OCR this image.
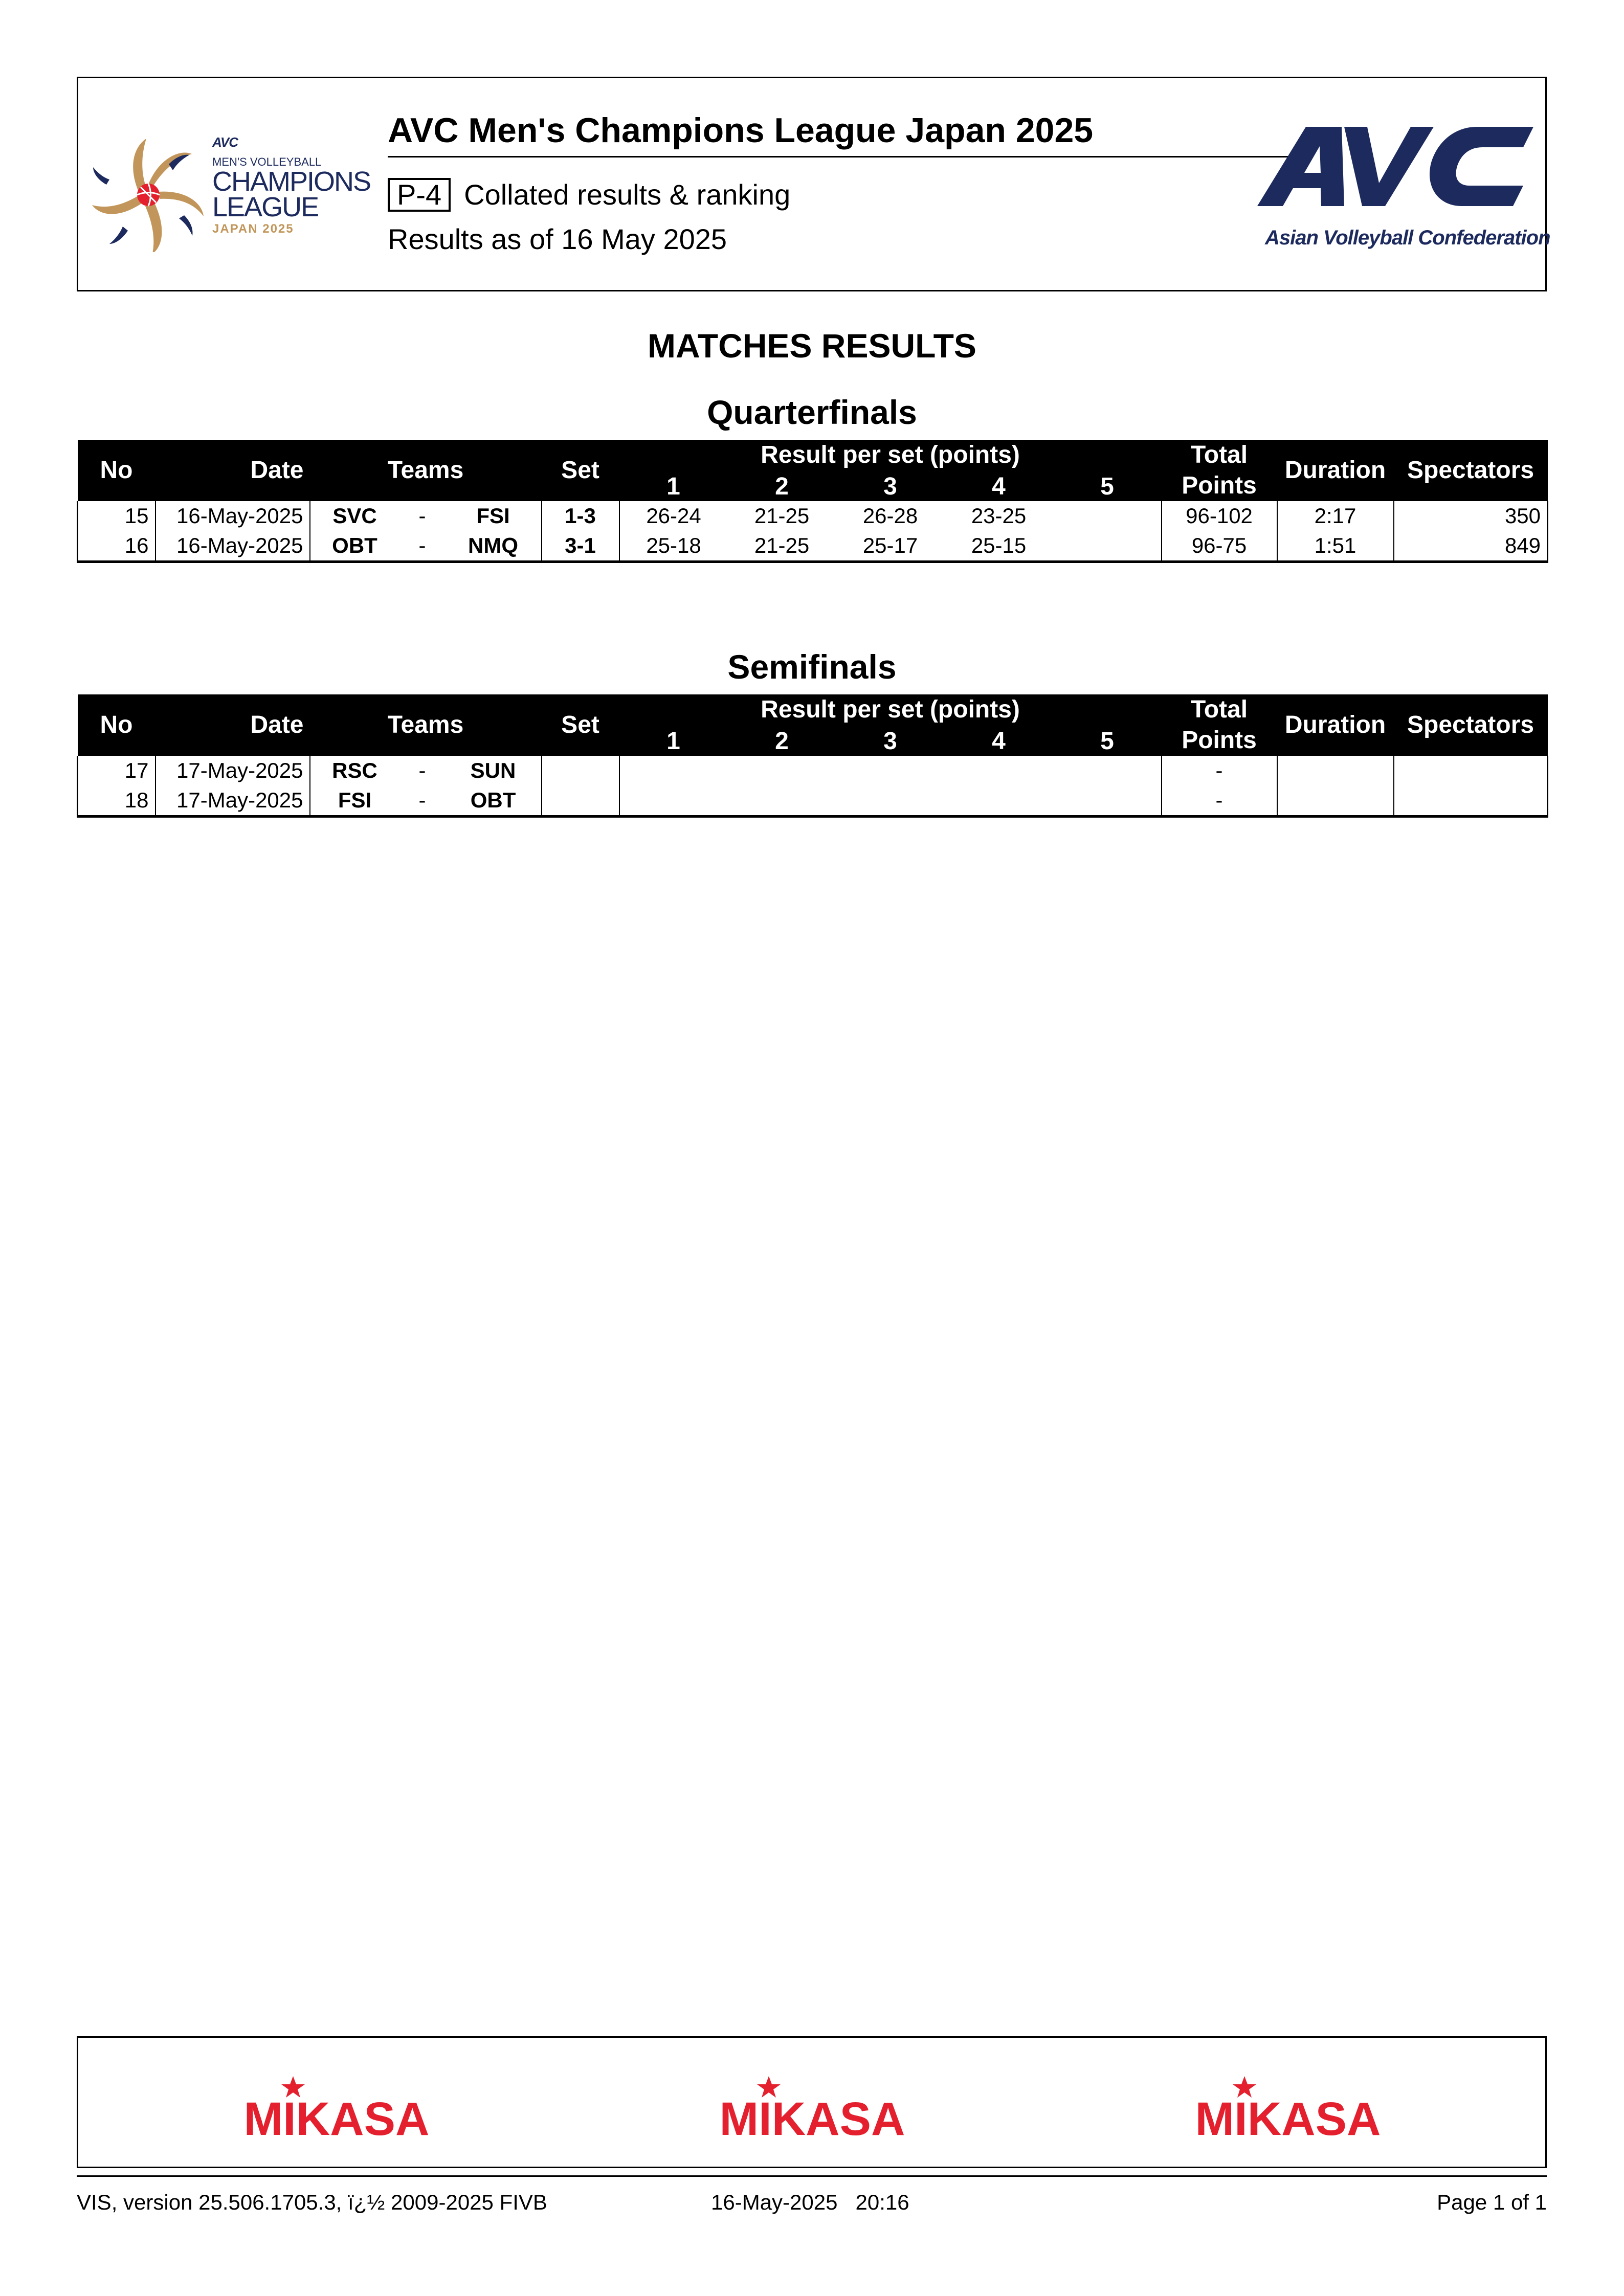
AVC
MEN'S VOLLEYBALL
CHAMPIONS
LEAGUE
JAPAN 2025
AVC Men's Champions League Japan 2025
P-4 Collated results & ranking
Results as of 16 May 2025	Asian Volleyball Confederation
MATCHES RESULTS
Quarterfinals
No	Date	Teams			Set	Result per set (points)					Total	Duration	Spectators
						1	2	3	4	5	Points		
15	16-May-2025	SVC	-	FSI	1-3	26-24	21-25	26-28	23-25		96-102	2:17	350
16	16-May-2025	OBT	-	NMQ	3-1	25-18	21-25	25-17	25-15		96-75	1:51	849
Semifinals
No	Date	Teams			Set	Result per set (points)					Total	Duration	Spectators
						1	2	3	4	5	Points		
17	17-May-2025	RSC	-	SUN							-		
18	17-May-2025	FSI	-	OBT							-		
MIKASA	MIKASA	MIKASA
VIS, version 25.506.1705.3, ï¿½ 2009-2025 FIVB	16-May-2025   20:16	Page 1 of 1
